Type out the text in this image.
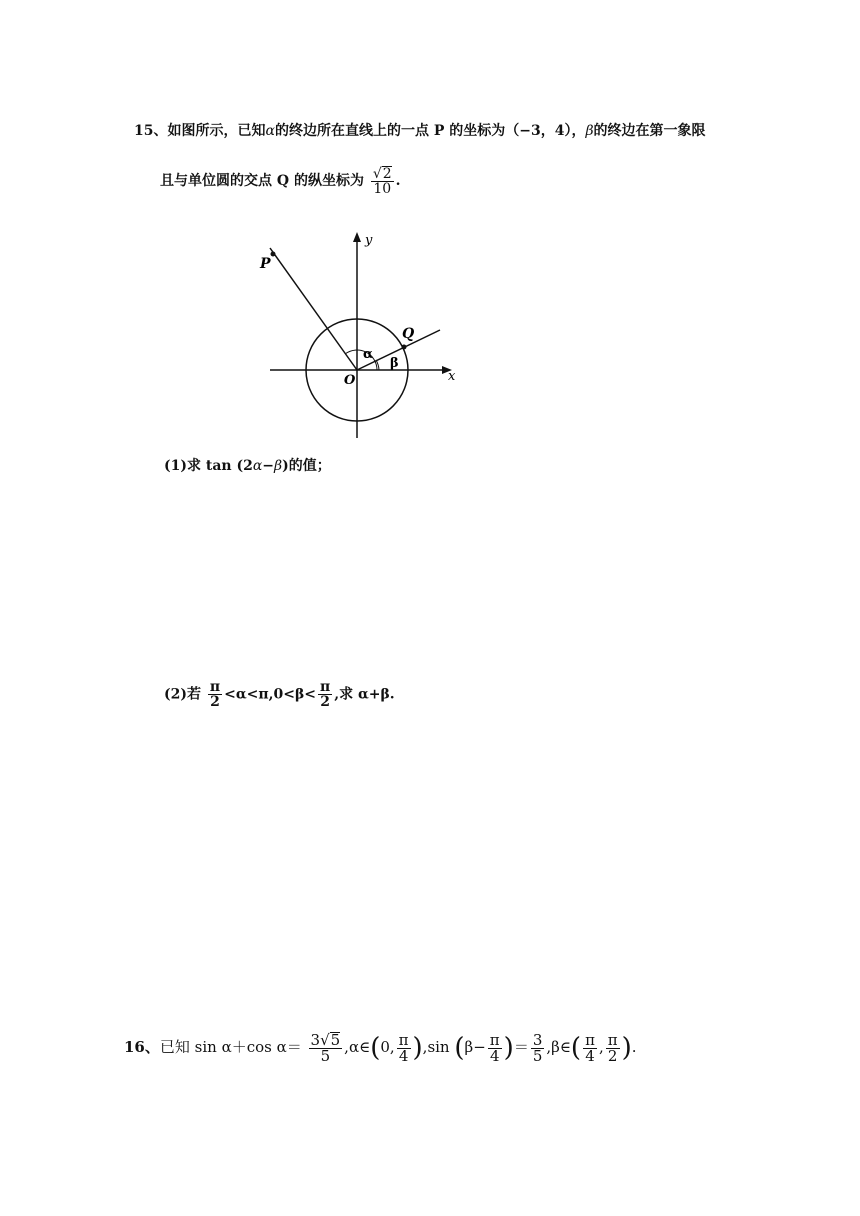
15、如图所示，已知α的终边所在直线上的一点 P 的坐标为（−3，4），β的终边在第一象限
且与单位圆的交点 Q 的纵坐标为 $\frac{√2}{10}$ .
y
x
O
P
Q
α
β
(1)求 tan (2α−β)的值；
(2)若 $\frac{\pi}{2} <\alpha<\pi,0<\beta< \frac{\pi}{2}$ ,求 α+β.
16、已知 sin α＋cos $\alpha= \frac{3√5}{5}$ ,α∈(0, $\frac{\pi}{4} ),\sin$ ($\beta- \frac{\pi}{4}$ )＝ $\frac{3}{5}$ ,β∈( $\frac{\pi}{4}$ , $\frac{\pi}{2}$ ).
